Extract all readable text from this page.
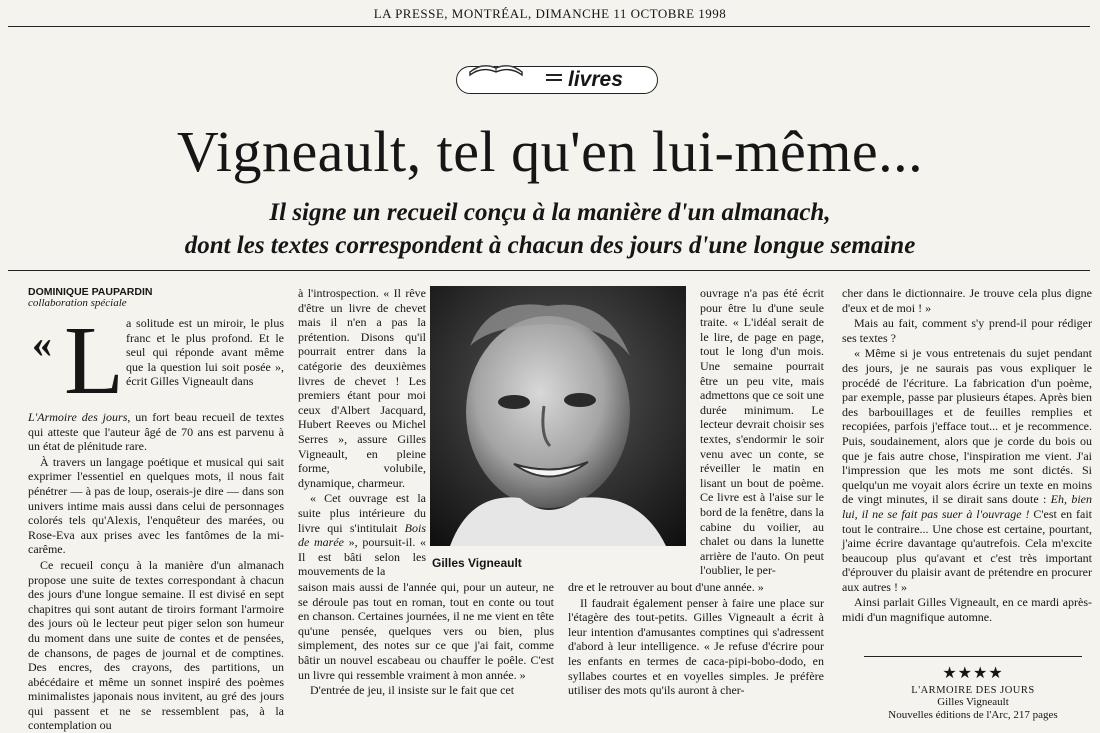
LA PRESSE, MONTRÉAL, DIMANCHE 11 OCTOBRE 1998
livres
Vigneault, tel qu'en lui-même...
Il signe un recueil conçu à la manière d'un almanach,
dont les textes correspondent à chacun des jours d'une longue semaine
DOMINIQUE PAUPARDIN
collaboration spéciale
« L a solitude est un miroir, le plus franc et le plus profond. Et le seul qui réponde avant même que la question lui soit posée », écrit Gilles Vigneault dans

L'Armoire des jours, un fort beau recueil de textes qui atteste que l'auteur âgé de 70 ans est parvenu à un état de plénitude rare.

À travers un langage poétique et musical qui sait exprimer l'essentiel en quelques mots, il nous fait pénétrer — à pas de loup, oserais-je dire — dans son univers intime mais aussi dans celui de personnages colorés tels qu'Alexis, l'enquêteur des marées, ou Rose-Eva aux prises avec les fantômes de la mi-carême.

Ce recueil conçu à la manière d'un almanach propose une suite de textes correspondant à chacun des jours d'une longue semaine. Il est divisé en sept chapitres qui sont autant de tiroirs formant l'armoire des jours où le lecteur peut piger selon son humeur du moment dans une suite de contes et de pensées, de chansons, de pages de journal et de comptines. Des encres, des crayons, des partitions, un abécédaire et même un sonnet inspiré des poèmes minimalistes japonais nous invitent, au gré des jours qui passent et ne se ressemblent pas, à la contemplation ou

à l'introspection. « Il rêve d'être un livre de chevet mais il n'en a pas la prétention. Disons qu'il pourrait entrer dans la catégorie des deuxièmes livres de chevet ! Les premiers étant pour moi ceux d'Albert Jacquard, Hubert Reeves ou Michel Serres », assure Gilles Vigneault, en pleine forme, volubile, dynamique, charmeur.

« Cet ouvrage est la suite plus intérieure du livre qui s'intitulait Bois de marée », poursuit-il. « Il est bâti selon les mouvements de la

Gilles Vigneault

ouvrage n'a pas été écrit pour être lu d'une seule traite. « L'idéal serait de le lire, de page en page, tout le long d'un mois. Une semaine pourrait être un peu vite, mais admettons que ce soit une durée minimum. Le lecteur devrait choisir ses textes, s'endormir le soir venu avec un conte, se réveiller le matin en lisant un bout de poème. Ce livre est à l'aise sur le bord de la fenêtre, dans la cabine du voilier, au chalet ou dans la lunette arrière de l'auto. On peut l'oublier, le per-

saison mais aussi de l'année qui, pour un auteur, ne se déroule pas tout en roman, tout en conte ou tout en chanson. Certaines journées, il ne me vient en tête qu'une pensée, quelques vers ou bien, plus simplement, des notes sur ce que j'ai fait, comme bâtir un nouvel escabeau ou chauffer le poêle. C'est un livre qui ressemble vraiment à mon année. »

D'entrée de jeu, il insiste sur le fait que cet

dre et le retrouver au bout d'une année. »

Il faudrait également penser à faire une place sur l'étagère des tout-petits. Gilles Vigneault a écrit à leur intention d'amusantes comptines qui s'adressent d'abord à leur intelligence. « Je refuse d'écrire pour les enfants en termes de caca-pipi-bobo-dodo, en syllabes courtes et en voyelles simples. Je préfère utiliser des mots qu'ils auront à cher-

cher dans le dictionnaire. Je trouve cela plus digne d'eux et de moi ! »

Mais au fait, comment s'y prend-il pour rédiger ses textes ?

« Même si je vous entretenais du sujet pendant des jours, je ne saurais pas vous expliquer le procédé de l'écriture. La fabrication d'un poème, par exemple, passe par plusieurs étapes. Après bien des barbouillages et de feuilles remplies et recopiées, parfois j'efface tout... et je recommence. Puis, soudainement, alors que je corde du bois ou que je fais autre chose, l'inspiration me vient. J'ai l'impression que les mots me sont dictés. Si quelqu'un me voyait alors écrire un texte en moins de vingt minutes, il se dirait sans doute : Eh, bien lui, il ne se fait pas suer à l'ouvrage ! C'est en fait tout le contraire... Une chose est certaine, pourtant, j'aime écrire davantage qu'autrefois. Cela m'excite beaucoup plus qu'avant et c'est très important d'éprouver du plaisir avant de prétendre en procurer aux autres ! »

Ainsi parlait Gilles Vigneault, en ce mardi après-midi d'un magnifique automne.

★★★★
L'ARMOIRE DES JOURS
Gilles Vigneault
Nouvelles éditions de l'Arc, 217 pages
